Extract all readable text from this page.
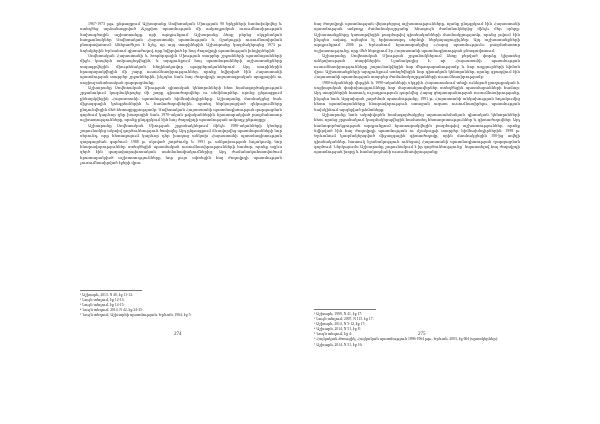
1967-1973 թթ. ընթացքում Աշխարանը Սովետական Միության 90 երկրների համախմբվեց և ստեղծեց արձանագրված Ճշգրիտ պատմության մի ամբողջական ուսումնասիրության նախագծային աշխատանքը, որի արդյունքում Աշխարանը ձեռք բերեց սկզբնական հաղթանակներ Սովետական Հայաստանի պատմության և մշակույթի ուսումնասիրման բնագավառում: Անհրաժեշտ է նշել, որ այդ տարիներին Աշխարանը կազմակերպեց 1973 թ. նոյեմբերին Երևանում գիտաժողով, որը նվիրված էր հայ ժողովրդի պատմության խնդիրներին:

Սովետական Հայաստանի և Խորհրդային Միության տարբեր շրջանների պատմաբանների միջև կապերն ամրապնդվեցին, և արդյունքում հայ պատմաբանների աշխատանքները տպագրվեցին միութենական հեղինակավոր պարբերականներում: Այդ տարիներին հրապարակվեցին մի շարք ուսումնասիրություններ, որոնք նվիրված էին Հայաստանի պատմության տարբեր շրջաններին, ինչպես նաև հայ ժողովրդի ազատագրական պայքարին ու սոցիալ-տնտեսական զարգացմանը:

Աշխարանը Սովետական Միության գիտական կենտրոնների հետ համագործակցության շրջանակում կազմակերպեց մի շարք գիտաժողովներ ու սեմինարներ, որոնց ընթացքում քննարկվեցին Հայաստանի պատմության հիմնախնդիրները: Աշխարանը մասնակցեց նաև միջազգային կոնգրեսներին և համաժողովներին, որտեղ ներկայացված զեկուցումները ընդունվեցին մեծ հետաքրքրությամբ: Սովետական Հայաստանի պատմագիտության զարգացման գործում կարևոր դեր խաղացին նաև 1970-ական թվականներին հրատարակված բազմահատոր աշխատությունները, որոնք ընդգրկում էին հայ ժողովրդի պատմության ամբողջ ընթացքը:

Աշխարանը Սովետական Միության շրջանակներում մինչև 1980-ականների կեսերը շարունակեց ակտիվ գործունեություն ծավալել: Այդ ընթացքում ձևավորվեց պատմաբանների նոր սերունդ, որը հետագայում կարևոր դեր խաղաց անկախ Հայաստանի պատմագիտության զարգացման գործում: 1988 թ. սկսված շարժումը և 1991 թ. անկախության հռչակումը նոր հնարավորություններ ստեղծեցին պատմական ուսումնասիրությունների համար, որոնք այլևս զերծ էին գաղափարախոսական սահմանափակումներից: Այդ ժամանակահատվածում հրատարակված աշխատությունները նոր լույս սփռեցին հայ ժողովրդի պատմության չուսումնասիրված էջերի վրա:

¹ Աշխարհ, 2013, N 40, էջ 11-12:

² Նույն տեղում, էջ 12-13:

³ Նույն տեղում, էջ 14-15:

⁴ Նույն տեղում, 2014, N 42, էջ 24-25:

⁵ Նույն տեղում, Աշխարհի պատմության, Երևան, 1964, էջ 5:

274

հայ ժողովրդի պատմության վերաբերյալ աշխատությունները, որոնք ընդգրկում էին Հայաստանի պատմության ամբողջ ժամանակաշրջանը՝ հնագույն ժամանակներից մինչև մեր օրերը: Աշխատանքները կատարվեցին բազմաթիվ գիտնականների մասնակցությամբ, որոնց թվում էին ինչպես ավագ, այնպես էլ երիտասարդ սերնդի ներկայացուցիչներ: Այդ աշխատանքների արդյունքում 2006 թ. Երևանում հրատարակվեց «Հայոց պատմություն» բազմահատոր աշխատությունը, որը մեծ ներդրում էր Հայաստանի պատմագիտության բնագավառում:

Աշխարանը Սովետական Միության շրջանակներում ձեռք բերված փորձը կիրառեց անկախության տարիներին: Նշանակալից է, որ Հայաստանի պատմության ուսումնասիրությունները շարունակվեցին նոր մեթոդաբանությամբ և նոր աղբյուրների հիման վրա: Աշխատանքների արդյունքում ստեղծվեցին նոր գիտական կենտրոններ, որոնք զբաղվում էին Հայաստանի պատմության տարբեր ժամանակաշրջանների ուսումնասիրությամբ:

1980-ականների վերջին և 1990-ականների սկզբին Հայաստանում տեղի ունեցած քաղաքական և սոցիալական փոփոխությունները նոր մարտահրավերներ ստեղծեցին պատմաբանների համար: Այդ տարիներին հատուկ ուշադրություն դարձվեց Հայոց ցեղասպանության ուսումնասիրությանը, ինչպես նաև Արցախյան շարժման պատմությանը: 1991 թ. Հայաստանի անկախության հռչակումից հետո պատմաբանները հնարավորություն ստացան ազատ ուսումնասիրելու պատմության նախկինում արգելված թեմաները:

Աշխարանը նաև ակտիվորեն համագործակցեց արտասահմանյան գիտական կենտրոնների հետ, որոնց շրջանակում կազմակերպվեցին համատեղ հետազոտություններ և գիտաժողովներ: Այդ համագործակցության արդյունքում հրատարակվեցին բազմաթիվ աշխատություններ, որոնք նվիրված էին հայ ժողովրդի պատմության ու մշակույթի տարբեր հիմնախնդիրներին: 1998 թ. Երևանում կազմակերպված միջազգային գիտաժողովը, որին մասնակցեցին 100-ից ավելի գիտնականներ, հատուկ նշանակություն ունեցավ Հայաստանի պատմագիտության զարգացման գործում: Ներկայումս Աշխարանը շարունակում է իր գործունեությունը՝ նպաստելով հայ ժողովրդի պատմության խորը և համակողմանի ուսումնասիրությանը:

¹ Աշխարհ, 1999, N 41, էջ 17:

² Նույն տեղում, 2007, N 115, էջ 17:

³ Աշխարհ, 2014, N 5-12, էջ 17:

⁴ Աշխարհ, 2014, N 51, էջ 8:

⁵ Նույն տեղում, էջ 4:

⁶ Հայկական Թռուցիկ, Հայկական պատմություն 1896-1964 թթ., Երևան, 2003, էջ 604 (պատկերներ):

⁷ Աշխարհ, 2014, N 51, էջ 16:

275
